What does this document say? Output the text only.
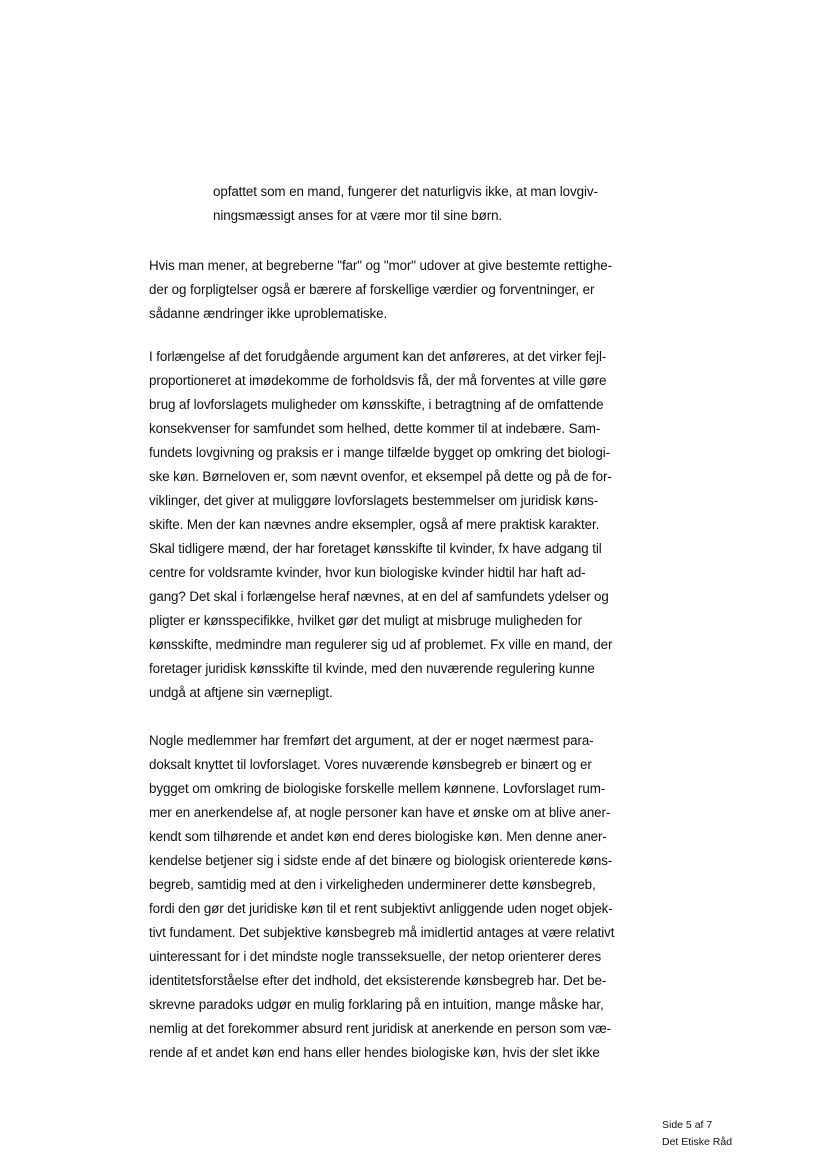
opfattet som en mand, fungerer det naturligvis ikke, at man lovgiv-
ningsmæssigt anses for at være mor til sine børn.
Hvis man mener, at begreberne "far" og "mor" udover at give bestemte rettighe-
der og forpligtelser også er bærere af forskellige værdier og forventninger, er
sådanne ændringer ikke uproblematiske.
I forlængelse af det forudgående argument kan det anføreres, at det virker fejl-
proportioneret at imødekomme de forholdsvis få, der må forventes at ville gøre
brug af lovforslagets muligheder om kønsskifte, i betragtning af de omfattende
konsekvenser for samfundet som helhed, dette kommer til at indebære. Sam-
fundets lovgivning og praksis er i mange tilfælde bygget op omkring det biologi-
ske køn. Børneloven er, som nævnt ovenfor, et eksempel på dette og på de for-
viklinger, det giver at muliggøre lovforslagets bestemmelser om juridisk køns-
skifte. Men der kan nævnes andre eksempler, også af mere praktisk karakter.
Skal tidligere mænd, der har foretaget kønsskifte til kvinder, fx have adgang til
centre for voldsramte kvinder, hvor kun biologiske kvinder hidtil har haft ad-
gang? Det skal i forlængelse heraf nævnes, at en del af samfundets ydelser og
pligter er kønsspecifikke, hvilket gør det muligt at misbruge muligheden for
kønsskifte, medmindre man regulerer sig ud af problemet. Fx ville en mand, der
foretager juridisk kønsskifte til kvinde, med den nuværende regulering kunne
undgå at aftjene sin værnepligt.
Nogle medlemmer har fremført det argument, at der er noget nærmest para-
doksalt knyttet til lovforslaget. Vores nuværende kønsbegreb er binært og er
bygget om omkring de biologiske forskelle mellem kønnene. Lovforslaget rum-
mer en anerkendelse af, at nogle personer kan have et ønske om at blive aner-
kendt som tilhørende et andet køn end deres biologiske køn. Men denne aner-
kendelse betjener sig i sidste ende af det binære og biologisk orienterede køns-
begreb, samtidig med at den i virkeligheden underminerer dette kønsbegreb,
fordi den gør det juridiske køn til et rent subjektivt anliggende uden noget objek-
tivt fundament. Det subjektive kønsbegreb må imidlertid antages at være relativt
uinteressant for i det mindste nogle transseksuelle, der netop orienterer deres
identitetsforståelse efter det indhold, det eksisterende kønsbegreb har. Det be-
skrevne paradoks udgør en mulig forklaring på en intuition, mange måske har,
nemlig at det forekommer absurd rent juridisk at anerkende en person som væ-
rende af et andet køn end hans eller hendes biologiske køn, hvis der slet ikke
Side 5 af 7
Det Etiske Råd
